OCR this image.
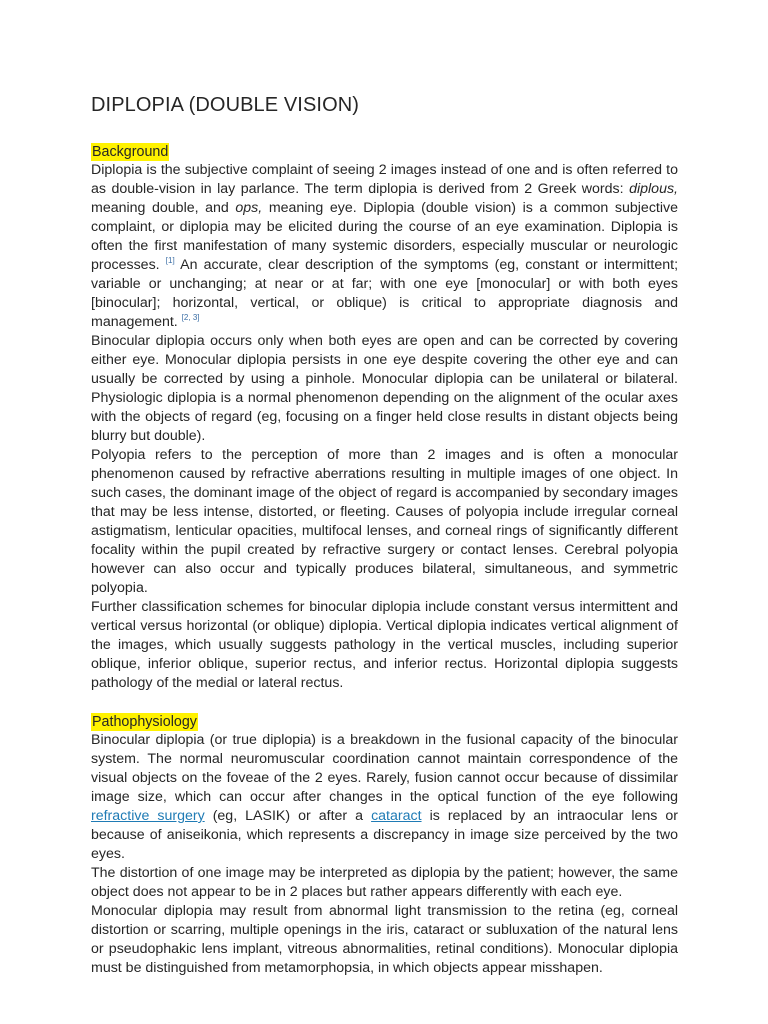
DIPLOPIA (DOUBLE VISION)
Background

Diplopia is the subjective complaint of seeing 2 images instead of one and is often referred to as double-vision in lay parlance. The term diplopia is derived from 2 Greek words: diplous, meaning double, and ops, meaning eye. Diplopia (double vision) is a common subjective complaint, or diplopia may be elicited during the course of an eye examination. Diplopia is often the first manifestation of many systemic disorders, especially muscular or neurologic processes. [1] An accurate, clear description of the symptoms (eg, constant or intermittent; variable or unchanging; at near or at far; with one eye [monocular] or with both eyes [binocular]; horizontal, vertical, or oblique) is critical to appropriate diagnosis and management. [2, 3]

Binocular diplopia occurs only when both eyes are open and can be corrected by covering either eye. Monocular diplopia persists in one eye despite covering the other eye and can usually be corrected by using a pinhole. Monocular diplopia can be unilateral or bilateral. Physiologic diplopia is a normal phenomenon depending on the alignment of the ocular axes with the objects of regard (eg, focusing on a finger held close results in distant objects being blurry but double).

Polyopia refers to the perception of more than 2 images and is often a monocular phenomenon caused by refractive aberrations resulting in multiple images of one object. In such cases, the dominant image of the object of regard is accompanied by secondary images that may be less intense, distorted, or fleeting. Causes of polyopia include irregular corneal astigmatism, lenticular opacities, multifocal lenses, and corneal rings of significantly different focality within the pupil created by refractive surgery or contact lenses. Cerebral polyopia however can also occur and typically produces bilateral, simultaneous, and symmetric polyopia.

Further classification schemes for binocular diplopia include constant versus intermittent and vertical versus horizontal (or oblique) diplopia. Vertical diplopia indicates vertical alignment of the images, which usually suggests pathology in the vertical muscles, including superior oblique, inferior oblique, superior rectus, and inferior rectus. Horizontal diplopia suggests pathology of the medial or lateral rectus.

Pathophysiology

Binocular diplopia (or true diplopia) is a breakdown in the fusional capacity of the binocular system. The normal neuromuscular coordination cannot maintain correspondence of the visual objects on the foveae of the 2 eyes. Rarely, fusion cannot occur because of dissimilar image size, which can occur after changes in the optical function of the eye following refractive surgery (eg, LASIK) or after a cataract is replaced by an intraocular lens or because of aniseikonia, which represents a discrepancy in image size perceived by the two eyes.

The distortion of one image may be interpreted as diplopia by the patient; however, the same object does not appear to be in 2 places but rather appears differently with each eye.

Monocular diplopia may result from abnormal light transmission to the retina (eg, corneal distortion or scarring, multiple openings in the iris, cataract or subluxation of the natural lens or pseudophakic lens implant, vitreous abnormalities, retinal conditions). Monocular diplopia must be distinguished from metamorphopsia, in which objects appear misshapen.
